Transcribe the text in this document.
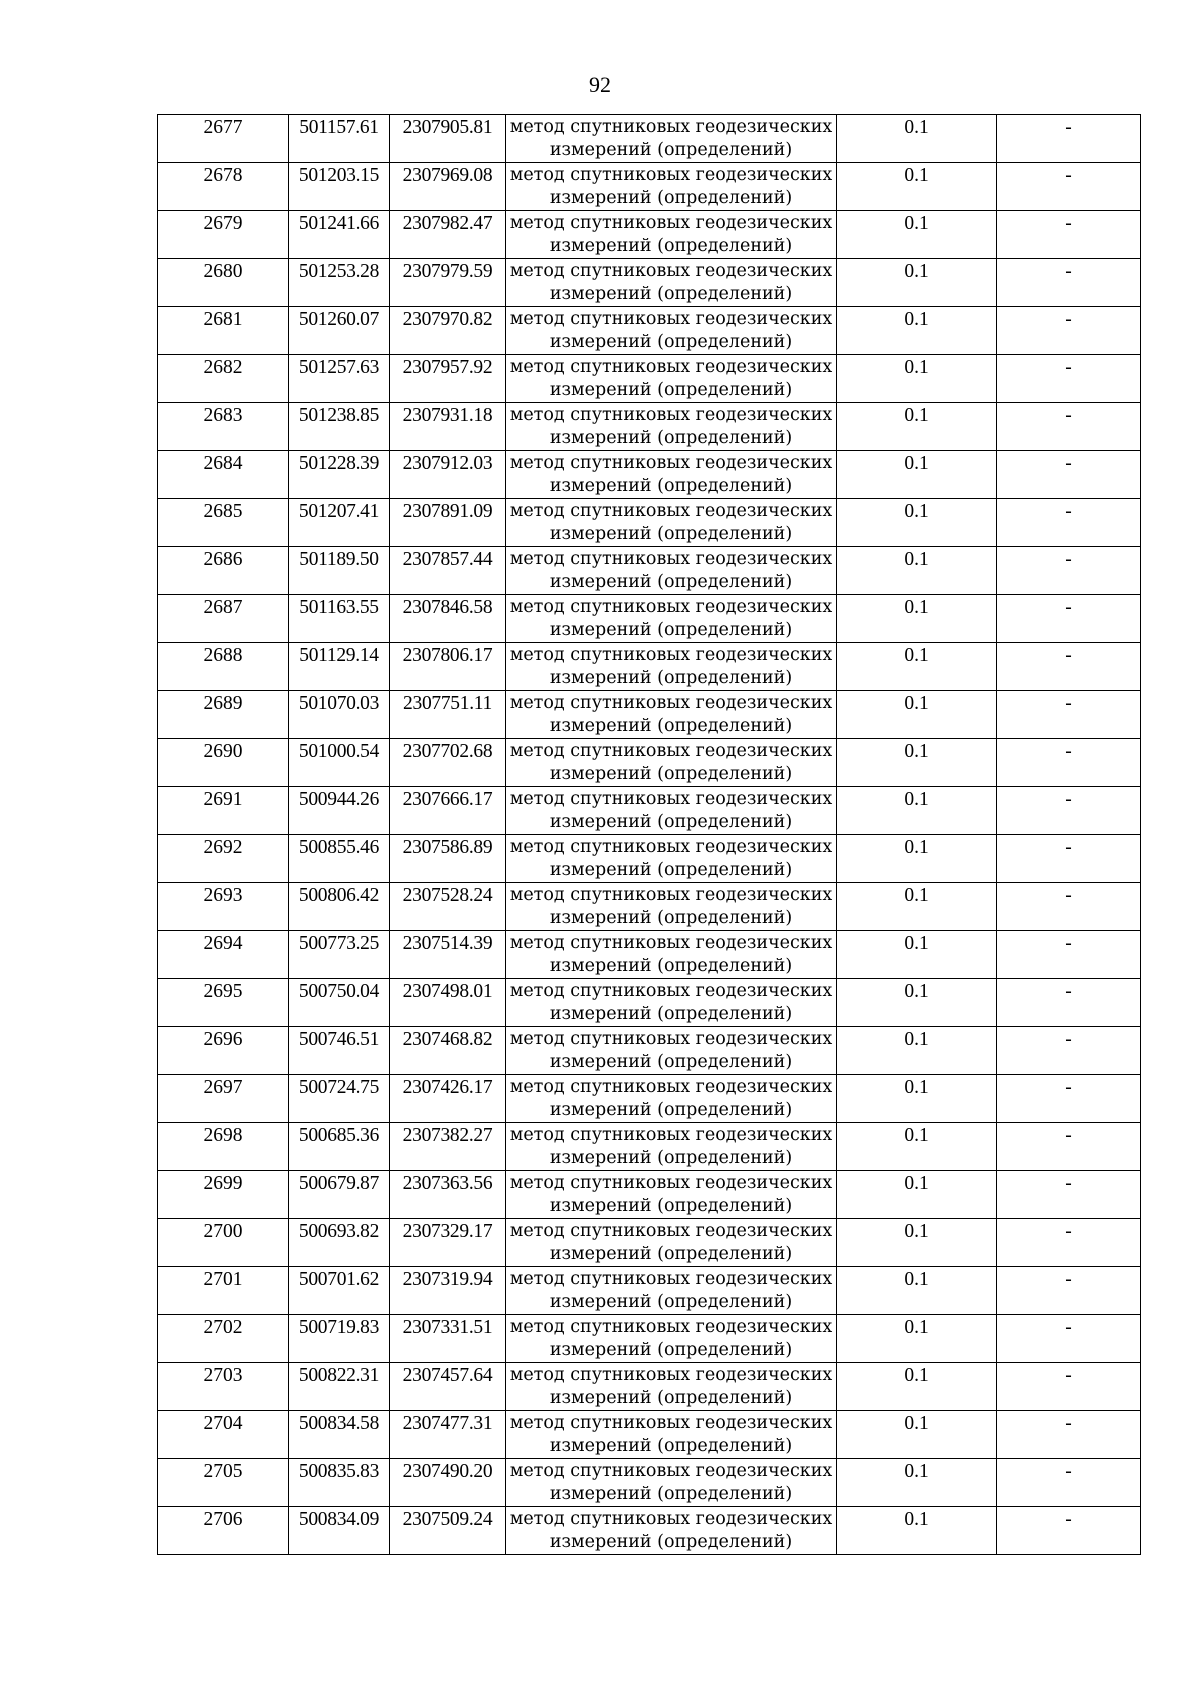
92
2677	501157.61	2307905.81	метод спутниковых геодезических измерений (определений)	0.1	-
2678	501203.15	2307969.08	метод спутниковых геодезических измерений (определений)	0.1	-
2679	501241.66	2307982.47	метод спутниковых геодезических измерений (определений)	0.1	-
2680	501253.28	2307979.59	метод спутниковых геодезических измерений (определений)	0.1	-
2681	501260.07	2307970.82	метод спутниковых геодезических измерений (определений)	0.1	-
2682	501257.63	2307957.92	метод спутниковых геодезических измерений (определений)	0.1	-
2683	501238.85	2307931.18	метод спутниковых геодезических измерений (определений)	0.1	-
2684	501228.39	2307912.03	метод спутниковых геодезических измерений (определений)	0.1	-
2685	501207.41	2307891.09	метод спутниковых геодезических измерений (определений)	0.1	-
2686	501189.50	2307857.44	метод спутниковых геодезических измерений (определений)	0.1	-
2687	501163.55	2307846.58	метод спутниковых геодезических измерений (определений)	0.1	-
2688	501129.14	2307806.17	метод спутниковых геодезических измерений (определений)	0.1	-
2689	501070.03	2307751.11	метод спутниковых геодезических измерений (определений)	0.1	-
2690	501000.54	2307702.68	метод спутниковых геодезических измерений (определений)	0.1	-
2691	500944.26	2307666.17	метод спутниковых геодезических измерений (определений)	0.1	-
2692	500855.46	2307586.89	метод спутниковых геодезических измерений (определений)	0.1	-
2693	500806.42	2307528.24	метод спутниковых геодезических измерений (определений)	0.1	-
2694	500773.25	2307514.39	метод спутниковых геодезических измерений (определений)	0.1	-
2695	500750.04	2307498.01	метод спутниковых геодезических измерений (определений)	0.1	-
2696	500746.51	2307468.82	метод спутниковых геодезических измерений (определений)	0.1	-
2697	500724.75	2307426.17	метод спутниковых геодезических измерений (определений)	0.1	-
2698	500685.36	2307382.27	метод спутниковых геодезических измерений (определений)	0.1	-
2699	500679.87	2307363.56	метод спутниковых геодезических измерений (определений)	0.1	-
2700	500693.82	2307329.17	метод спутниковых геодезических измерений (определений)	0.1	-
2701	500701.62	2307319.94	метод спутниковых геодезических измерений (определений)	0.1	-
2702	500719.83	2307331.51	метод спутниковых геодезических измерений (определений)	0.1	-
2703	500822.31	2307457.64	метод спутниковых геодезических измерений (определений)	0.1	-
2704	500834.58	2307477.31	метод спутниковых геодезических измерений (определений)	0.1	-
2705	500835.83	2307490.20	метод спутниковых геодезических измерений (определений)	0.1	-
2706	500834.09	2307509.24	метод спутниковых геодезических измерений (определений)	0.1	-
